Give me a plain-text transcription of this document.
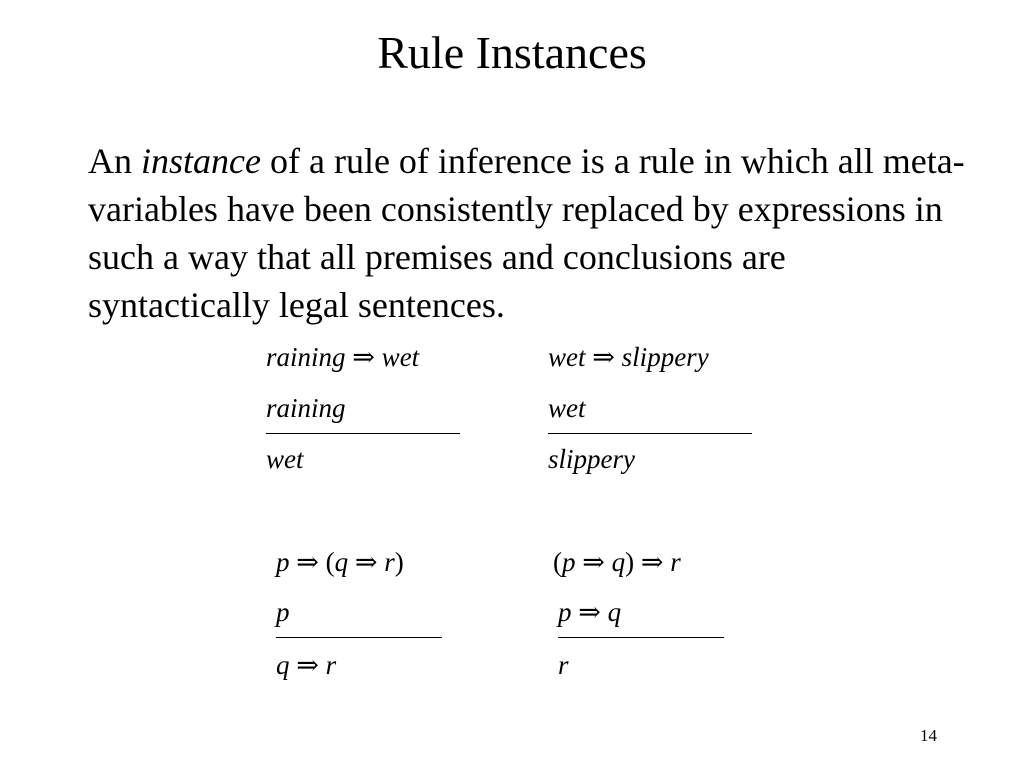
Rule Instances

An instance of a rule of inference is a rule in which all meta-variables have been consistently replaced by expressions in such a way that all premises and conclusions are syntactically legal sentences.

raining ⇒ wet
raining
wet
wet ⇒ slippery
wet
slippery
p ⇒ (q ⇒ r)
p
q ⇒ r
(p ⇒ q) ⇒ r
p ⇒ q
r
14
